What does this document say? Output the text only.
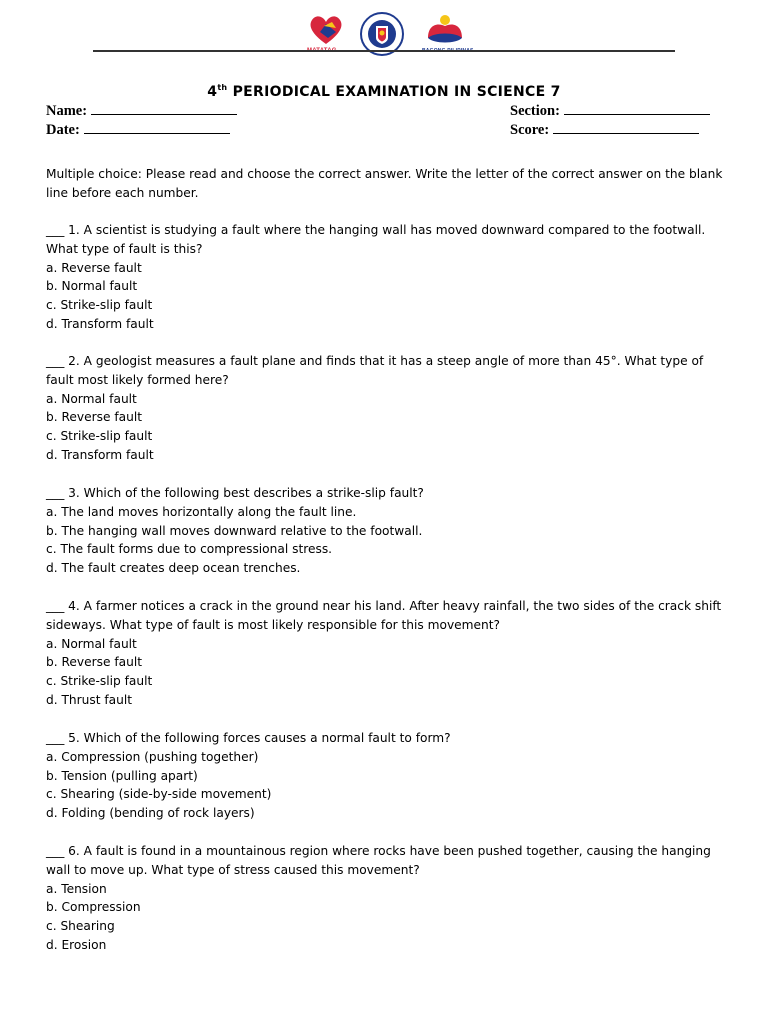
4th PERIODICAL EXAMINATION IN SCIENCE 7
Name:	Section:
Date:	Score:

Multiple choice: Please read and choose the correct answer. Write the letter of the correct answer on the blank line before each number.

___ 1. A scientist is studying a fault where the hanging wall has moved downward compared to the footwall. What type of fault is this?
a. Reverse fault
b. Normal fault
c. Strike-slip fault
d. Transform fault
___ 2. A geologist measures a fault plane and finds that it has a steep angle of more than 45°. What type of fault most likely formed here?
a. Normal fault
b. Reverse fault
c. Strike-slip fault
d. Transform fault
___ 3. Which of the following best describes a strike-slip fault?
a. The land moves horizontally along the fault line.
b. The hanging wall moves downward relative to the footwall.
c. The fault forms due to compressional stress.
d. The fault creates deep ocean trenches.
___ 4. A farmer notices a crack in the ground near his land. After heavy rainfall, the two sides of the crack shift sideways. What type of fault is most likely responsible for this movement?
a. Normal fault
b. Reverse fault
c. Strike-slip fault
d. Thrust fault
___ 5. Which of the following forces causes a normal fault to form?
a. Compression (pushing together)
b. Tension (pulling apart)
c. Shearing (side-by-side movement)
d. Folding (bending of rock layers)
___ 6. A fault is found in a mountainous region where rocks have been pushed together, causing the hanging wall to move up. What type of stress caused this movement?
a. Tension
b. Compression
c. Shearing
d. Erosion
